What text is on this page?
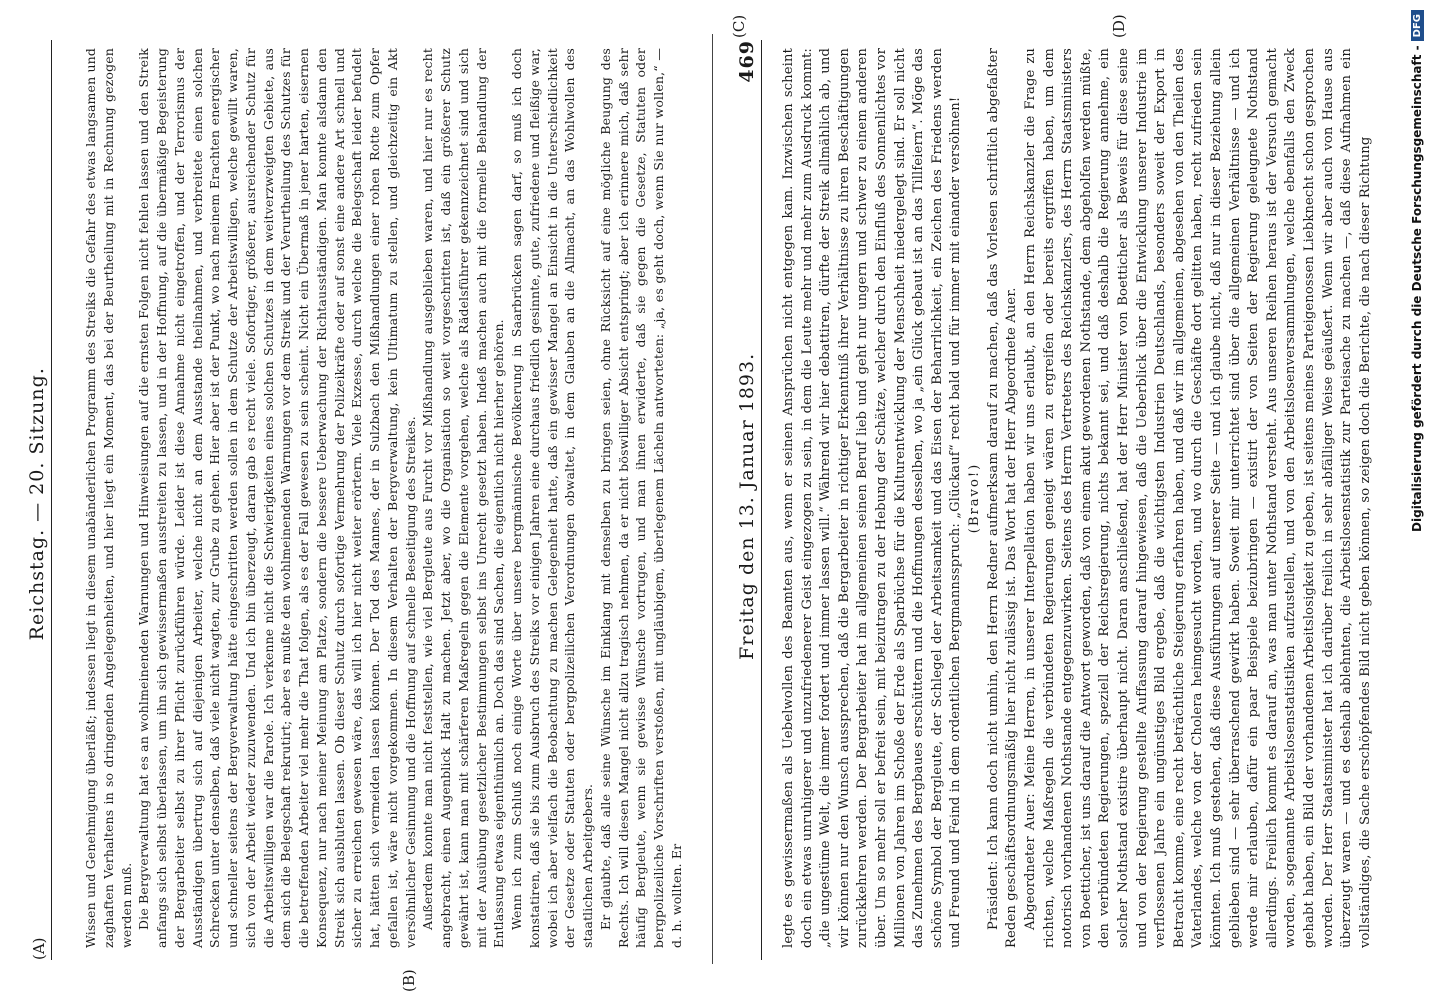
(A)
Reichstag. — 20. Sitzung.	Wissen und Genehmigung überläßt; indessen liegt in diesem unabänderlichen Programm des Streiks die Gefahr des etwas langsamen und zaghaften Verhaltens in so dringenden Angelegenheiten, und hier liegt ein Moment, das bei der Beurtheilung mit in Rechnung gezogen werden muß. Die Bergverwaltung hat es an wohlmeinenden Warnungen und Hinweisungen auf die ernsten Folgen nicht fehlen lassen und den Streik anfangs sich selbst überlassen, um ihn sich gewissermaßen ausstreiten zu lassen, und in der Hoffnung, auf die übermäßige Begeisterung der Bergarbeiter selbst zu ihrer Pflicht zurückführen würde. Leider ist diese Annahme nicht eingetroffen, und der Terrorismus der Ausständigen übertrug sich auf diejenigen Arbeiter, welche nicht an dem Ausstande theilnahmen, und verbreitete einen solchen Schrecken unter denselben, daß viele nicht wagten, zur Grube zu gehen. Hier aber ist der Punkt, wo nach meinem Erachten energischer und schneller seitens der Bergverwaltung hätte eingeschritten werden sollen in dem Schutze der Arbeitswilligen, welche gewillt waren, sich von der Arbeit wieder zuzuwenden. Und ich bin überzeugt, daran gab es recht viele. Sofortiger, größerer, ausreichender Schutz für die Arbeitswilligen war die Parole. Ich verkenne nicht die Schwierigkeiten eines solchen Schutzes in dem weitverzweigten Gebiete, aus dem sich die Belegschaft rekrutirt; aber es mußte den wohlmeinenden Warnungen vor dem Streik und der Verurtheilung des Schutzes für die betreffenden Arbeiter viel mehr die That folgen, als es der Fall gewesen zu sein scheint. Nicht ein Übermaß in jener harten, eisernen Konsequenz, nur nach meiner Meinung am Platze, sondern die bessere Ueberwachung der Richtausständigen. Man konnte alsdann den Streik sich ausbluten lassen. Ob dieser Schutz durch sofortige Vermehrung der Polizeikräfte oder auf sonst eine andere Art schnell und sicher zu erreichen gewesen wäre, das will ich hier nicht weiter erörtern. Viele Exzesse, durch welche die Belegschaft leider befudelt hat, hätten sich vermeiden lassen können. Der Tod des Mannes, der in Sulzbach den Mißhandlungen einer rohen Rotte zum Opfer gefallen ist, wäre nicht vorgekommen. In diesem Verhalten der Bergverwaltung, kein Ultimatum zu stellen, und gleichzeitig ein Akt versöhnlicher Gesinnung und die Hoffnung auf schnelle Beseitigung des Streikes. Außerdem konnte man nicht feststellen, wie viel Bergleute aus Furcht vor Mißhandlung ausgeblieben waren, und hier nur es recht angebracht, einen Augenblick Halt zu machen. Jetzt aber, wo die Organisation so weit vorgeschritten ist, daß ein größerer Schutz gewährt ist, kann man mit schärferen Maßregeln gegen die Elemente vorgehen, welche als Rädelsführer gekennzeichnet sind und sich mit der Ausübung gesetzlicher Bestimmungen selbst ins Unrecht gesetzt haben. Indeß machen auch mit die formelle Behandlung der Entlassung etwas eigenthümlich an. Doch das sind Sachen, die eigentlich nicht hierher gehören. Wenn ich zum Schluß noch einige Worte über unsere bergmännische Bevölkerung in Saarbrücken sagen darf, so muß ich doch konstatiren, daß sie bis zum Ausbruch des Streiks vor einigen Jahren eine durchaus friedlich gesinnte, gute, zufriedene und fleißige war, wobei ich aber vielfach die Beobachtung zu machen Gelegenheit hatte, daß ein gewisser Mangel an Einsicht in die Unterschiedlichkeit der Gesetze oder Statuten oder bergpolizeilichen Verordnungen obwaltet, in dem Glauben an die Allmacht, an das Wohlwollen des staatlichen Arbeitgebers. Er glaubte, daß alle seine Wünsche im Einklang mit denselben zu bringen seien, ohne Rücksicht auf eine mögliche Beugung des Rechts. Ich will diesen Mangel nicht allzu tragisch nehmen, da er nicht böswilliger Absicht entspringt; aber ich erinnere mich, daß sehr häufig Bergleute, wenn sie gewisse Wünsche vortrugen, und man ihnen erwiderte, daß sie gegen die Gesetze, Statuten oder bergpolizeiliche Vorschriften verstoßen, mit ungläubigem, überlegenem Lächeln antworteten: „ja, es geht doch, wenn Sie nur wollen,“ — d. h. wollten. Er

(B)
Freitag den 13. Januar 1893.
469
(C)	(D)

legte es gewissermaßen als Uebelwollen des Beamten aus, wenn er seinen Ansprüchen nicht entgegen kam. Inzwischen scheint doch ein etwas unruhigerer und unzufriedenerer Geist eingezogen zu sein, in dem die Leute mehr und mehr zum Ausdruck kommt: „die ungestüme Welt, die immer fordert und immer lassen will.“ Während wir hier debattiren, dürfte der Streik allmählich ab, und wir können nur den Wunsch aussprechen, daß die Bergarbeiter in richtiger Erkenntniß ihrer Verhältnisse zu ihren Beschäftigungen zurückkehren werden. Der Bergarbeiter hat im allgemeinen seinen Beruf lieb und geht nur ungern und schwer zu einem anderen über. Um so mehr soll er befreit sein, mit beizutragen zu der Hebung der Schätze, welcher durch den Einfluß des Sonnenlichtes vor Millionen von Jahren im Schoße der Erde als Sparbüchse für die Kulturentwicklung der Menschheit niedergelegt sind. Er soll nicht das Zunehmen des Bergbaues erschüttern und die Hoffnungen desselben, wo ja „ein Glück gebaut ist an das Tillfeiern“. Möge das schöne Symbol der Bergleute, der Schlegel der Arbeitsamkeit und das Eisen der Beharrlichkeit, ein Zeichen des Friedens werden und Freund und Feind in dem ordentlichen Bergmannsspruch: „Glückauf“ recht bald und für immer mit einander versöhnen! (Bravo!) Präsident: Ich kann doch nicht umhin, den Herrn Redner aufmerksam darauf zu machen, daß das Vorlesen schriftlich abgefaßter Reden geschäftsordnungsmäßig hier nicht zulässig ist. Das Wort hat der Herr Abgeordnete Auer. Abgeordneter Auer: Meine Herren, in unserer Interpellation haben wir uns erlaubt, an den Herrn Reichskanzler die Frage zu richten, welche Maßregeln die verbündeten Regierungen geneigt wären zu ergreifen oder bereits ergriffen haben, um dem notorisch vorhandenen Nothstande entgegenzuwirken. Seitens des Herrn Vertreters des Reichskanzlers, des Herrn Staatsministers von Boetticher, ist uns darauf die Antwort geworden, daß von einem akut gewordenen Nothstande, dem abgeholfen werden müßte, den verbündeten Regierungen, speziell der Reichsregierung, nichts bekannt sei, und daß deshalb die Regierung annehme, ein solcher Nothstand existire überhaupt nicht. Daran anschließend, hat der Herr Minister von Boetticher als Beweis für diese seine und von der Regierung gestellte Auffassung darauf hingewiesen, daß die Ueberblick über die Entwicklung unserer Industrie im verflossenen Jahre ein ungünstiges Bild ergebe, daß die wichtigsten Industrien Deutschlands, besonders soweit der Export in Betracht komme, eine recht beträchtliche Steigerung erfahren haben, und daß wir im allgemeinen, abgesehen von den Theilen des Vaterlandes, welche von der Cholera heimgesucht worden, und wo durch die Geschäfte dort gelitten haben, recht zufrieden sein könnten. Ich muß gestehen, daß diese Ausführungen auf unserer Seite — und ich glaube nicht, daß nur in dieser Beziehung allein geblieben sind — sehr überraschend gewirkt haben. Soweit mir unterrichtet sind über die allgemeinen Verhältnisse — und ich werde mir erlauben, dafür ein paar Beispiele beizubringen — existirt der von Seiten der Regierung geleugnete Nothstand allerdings. Freilich kommt es darauf an, was man unter Nothstand versteht. Aus unseren Reihen heraus ist der Versuch gemacht worden, sogenannte Arbeitslosenstatistiken aufzustellen, und von den Arbeitslosenversammlungen, welche ebenfalls den Zweck gehabt haben, ein Bild der vorhandenen Arbeitslosigkeit zu geben, ist seitens meines Parteigenossen Liebknecht schon gesprochen worden. Der Herr Staatsminister hat ich darüber freilich in sehr abfälliger Weise geäußert. Wenn wir aber auch von Hause aus überzeugt waren — und es deshalb ablehnten, die Arbeitslosenstatistik zur Parteisache zu machen —, daß diese Aufnahmen ein vollständiges, die Sache erschöpfendes Bild nicht geben können, so zeigen doch die Berichte, die nach dieser Richtung	Digitalisierung gefördert durch die Deutsche Forschungsgemeinschaft -
DFG
